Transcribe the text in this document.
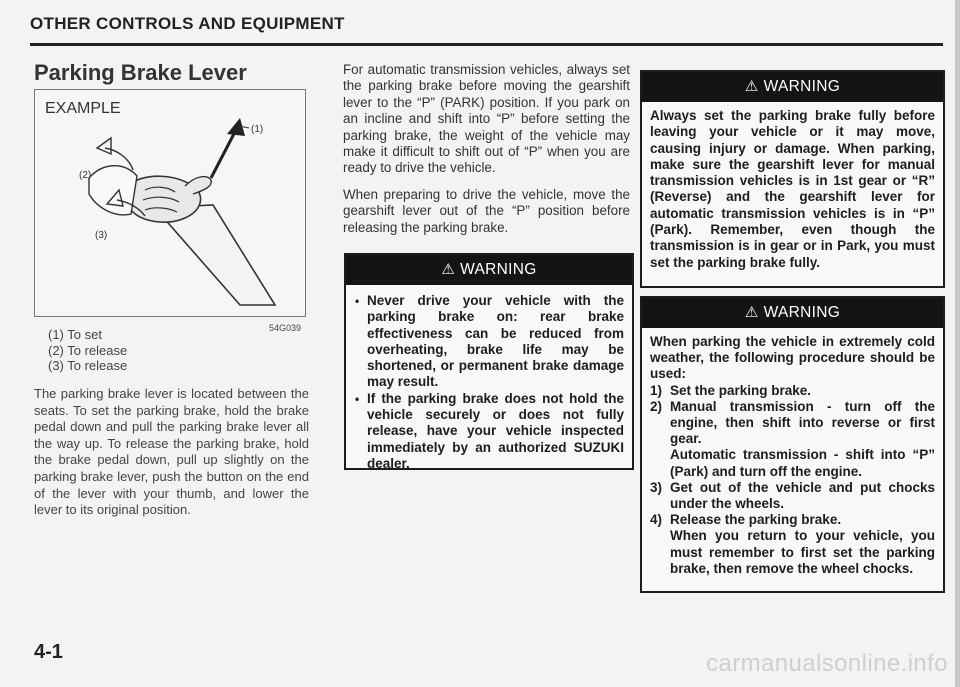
OTHER CONTROLS AND EQUIPMENT
Parking Brake Lever
EXAMPLE
(2)
(1)
(3)
54G039
(1) To set
(2) To release
(3) To release
The parking brake lever is located between the seats. To set the parking brake, hold the brake pedal down and pull the parking brake lever all the way up. To release the parking brake, hold the brake pedal down, pull up slightly on the parking brake lever, push the button on the end of the lever with your thumb, and lower the lever to its original position.

For automatic transmission vehicles, always set the parking brake before moving the gearshift lever to the “P” (PARK) position. If you park on an incline and shift into “P” before setting the parking brake, the weight of the vehicle may make it difficult to shift out of “P” when you are ready to drive the vehicle.

When preparing to drive the vehicle, move the gearshift lever out of the “P” position before releasing the parking brake.

⚠ WARNING
• Never drive your vehicle with the parking brake on: rear brake effectiveness can be reduced from overheating, brake life may be shortened, or permanent brake damage may result.
• If the parking brake does not hold the vehicle securely or does not fully release, have your vehicle inspected immediately by an authorized SUZUKI dealer.
⚠ WARNING
Always set the parking brake fully before leaving your vehicle or it may move, causing injury or damage. When parking, make sure the gearshift lever for manual transmission vehicles is in 1st gear or “R” (Reverse) and the gearshift lever for automatic transmission vehicles is in “P” (Park). Remember, even though the transmission is in gear or in Park, you must set the parking brake fully.
⚠ WARNING
When parking the vehicle in extremely cold weather, the following procedure should be used:
1) Set the parking brake.
2) Manual transmission - turn off the engine, then shift into reverse or first gear.
Automatic transmission - shift into “P” (Park) and turn off the engine.
3) Get out of the vehicle and put chocks under the wheels.
4) Release the parking brake.
When you return to your vehicle, you must remember to first set the parking brake, then remove the wheel chocks.
4-1	carmanualsonline.info
